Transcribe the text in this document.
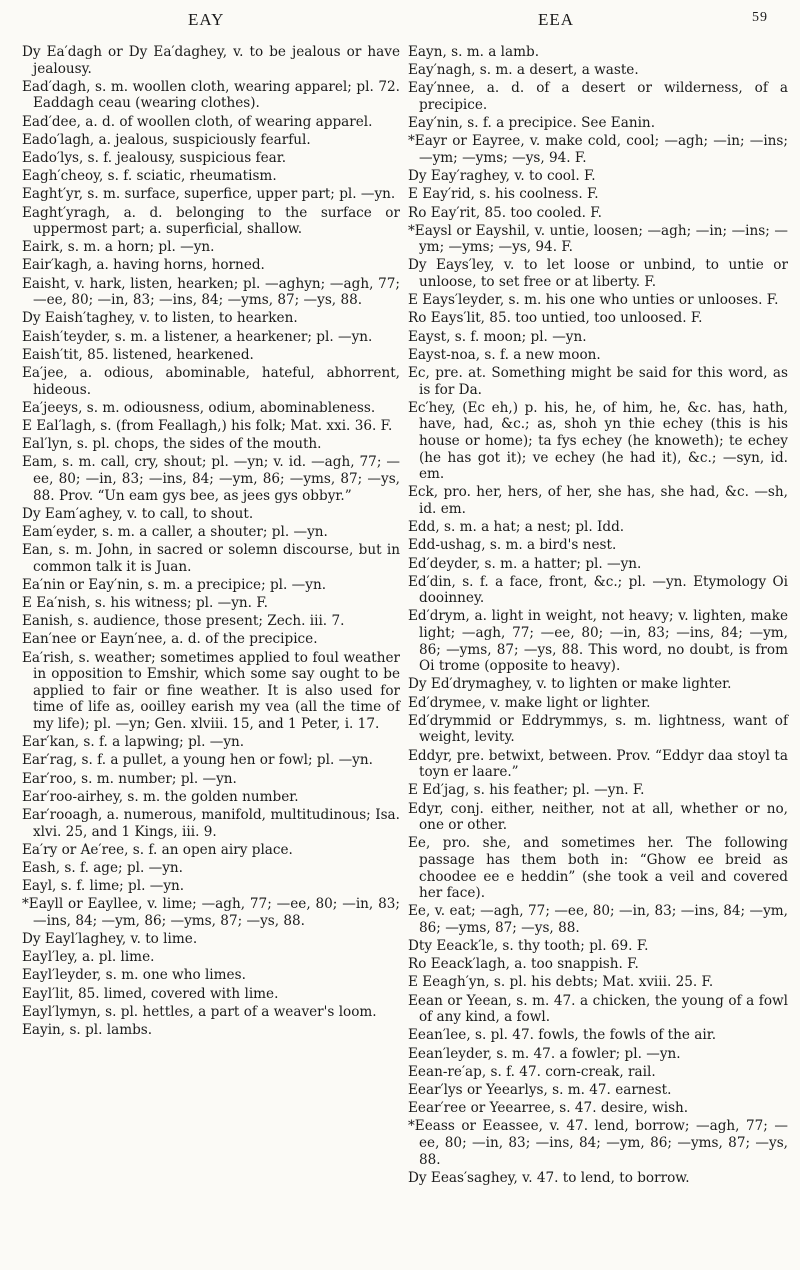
EAY	EEA	59

Dy Ea′dagh or Dy Ea′daghey, v. to be jealous or have jealousy.

Ead′dagh, s. m. woollen cloth, wearing apparel; pl. 72. Eaddagh ceau (wearing clothes).

Ead′dee, a. d. of woollen cloth, of wearing apparel.

Eado′lagh, a. jealous, suspiciously fearful.

Eado′lys, s. f. jealousy, suspicious fear.

Eagh′cheoy, s. f. sciatic, rheumatism.

Eaght′yr, s. m. surface, superfice, upper part; pl. —yn.

Eaght′yragh, a. d. belonging to the surface or uppermost part; a. superficial, shallow.

Eairk, s. m. a horn; pl. —yn.

Eair′kagh, a. having horns, horned.

Eaisht, v. hark, listen, hearken; pl. —aghyn; —agh, 77; —ee, 80; —in, 83; —ins, 84; —yms, 87; —ys, 88.

Dy Eaish′taghey, v. to listen, to hearken.

Eaish′teyder, s. m. a listener, a hearkener; pl. —yn.

Eaish′tit, 85. listened, hearkened.

Ea′jee, a. odious, abominable, hateful, abhorrent, hideous.

Ea′jeeys, s. m. odiousness, odium, abominableness.

E Eal′lagh, s. (from Feallagh,) his folk; Mat. xxi. 36. F.

Eal′lyn, s. pl. chops, the sides of the mouth.

Eam, s. m. call, cry, shout; pl. —yn; v. id. —agh, 77; —ee, 80; —in, 83; —ins, 84; —ym, 86; —yms, 87; —ys, 88. Prov. “Un eam gys bee, as jees gys obbyr.”

Dy Eam′aghey, v. to call, to shout.

Eam′eyder, s. m. a caller, a shouter; pl. —yn.

Ean, s. m. John, in sacred or solemn discourse, but in common talk it is Juan.

Ea′nin or Eay′nin, s. m. a precipice; pl. —yn.

E Ea′nish, s. his witness; pl. —yn. F.

Eanish, s. audience, those present; Zech. iii. 7.

Ean′nee or Eayn′nee, a. d. of the precipice.

Ea′rish, s. weather; sometimes applied to foul weather in opposition to Emshir, which some say ought to be applied to fair or fine weather. It is also used for time of life as, ooilley earish my vea (all the time of my life); pl. —yn; Gen. xlviii. 15, and 1 Peter, i. 17.

Ear′kan, s. f. a lapwing; pl. —yn.

Ear′rag, s. f. a pullet, a young hen or fowl; pl. —yn.

Ear′roo, s. m. number; pl. —yn.

Ear′roo-airhey, s. m. the golden number.

Ear′rooagh, a. numerous, manifold, multitudinous; Isa. xlvi. 25, and 1 Kings, iii. 9.

Ea′ry or Ae′ree, s. f. an open airy place.

Eash, s. f. age; pl. —yn.

Eayl, s. f. lime; pl. —yn.

*Eayll or Eayllee, v. lime; —agh, 77; —ee, 80; —in, 83; —ins, 84; —ym, 86; —yms, 87; —ys, 88.

Dy Eayl′laghey, v. to lime.

Eayl′ley, a. pl. lime.

Eayl′leyder, s. m. one who limes.

Eayl′lit, 85. limed, covered with lime.

Eayl′lymyn, s. pl. hettles, a part of a weaver's loom.

Eayin, s. pl. lambs.

Eayn, s. m. a lamb.

Eay′nagh, s. m. a desert, a waste.

Eay′nnee, a. d. of a desert or wilderness, of a precipice.

Eay′nin, s. f. a precipice. See Eanin.

*Eayr or Eayree, v. make cold, cool; —agh; —in; —ins; —ym; —yms; —ys, 94. F.

Dy Eay′raghey, v. to cool. F.

E Eay′rid, s. his coolness. F.

Ro Eay′rit, 85. too cooled. F.

*Eaysl or Eayshil, v. untie, loosen; —agh; —in; —ins; —ym; —yms; —ys, 94. F.

Dy Eays′ley, v. to let loose or unbind, to untie or unloose, to set free or at liberty. F.

E Eays′leyder, s. m. his one who unties or unlooses. F.

Ro Eays′lit, 85. too untied, too unloosed. F.

Eayst, s. f. moon; pl. —yn.

Eayst-noa, s. f. a new moon.

Ec, pre. at. Something might be said for this word, as is for Da.

Ec′hey, (Ec eh,) p. his, he, of him, he, &c. has, hath, have, had, &c.; as, shoh yn thie echey (this is his house or home); ta fys echey (he knoweth); te echey (he has got it); ve echey (he had it), &c.; —syn, id. em.

Eck, pro. her, hers, of her, she has, she had, &c. —sh, id. em.

Edd, s. m. a hat; a nest; pl. Idd.

Edd-ushag, s. m. a bird's nest.

Ed′deyder, s. m. a hatter; pl. —yn.

Ed′din, s. f. a face, front, &c.; pl. —yn. Etymology Oi dooinney.

Ed′drym, a. light in weight, not heavy; v. lighten, make light; —agh, 77; —ee, 80; —in, 83; —ins, 84; —ym, 86; —yms, 87; —ys, 88. This word, no doubt, is from Oi trome (opposite to heavy).

Dy Ed′drymaghey, v. to lighten or make lighter.

Ed′drymee, v. make light or lighter.

Ed′drymmid or Eddrymmys, s. m. lightness, want of weight, levity.

Eddyr, pre. betwixt, between. Prov. “Eddyr daa stoyl ta toyn er laare.”

E Ed′jag, s. his feather; pl. —yn. F.

Edyr, conj. either, neither, not at all, whether or no, one or other.

Ee, pro. she, and sometimes her. The following passage has them both in: “Ghow ee breid as choodee ee e heddin” (she took a veil and covered her face).

Ee, v. eat; —agh, 77; —ee, 80; —in, 83; —ins, 84; —ym, 86; —yms, 87; —ys, 88.

Dty Eeack′le, s. thy tooth; pl. 69. F.

Ro Eeack′lagh, a. too snappish. F.

E Eeagh′yn, s. pl. his debts; Mat. xviii. 25. F.

Eean or Yeean, s. m. 47. a chicken, the young of a fowl of any kind, a fowl.

Eean′lee, s. pl. 47. fowls, the fowls of the air.

Eean′leyder, s. m. 47. a fowler; pl. —yn.

Eean-re′ap, s. f. 47. corn-creak, rail.

Eear′lys or Yeearlys, s. m. 47. earnest.

Eear′ree or Yeearree, s. 47. desire, wish.

*Eeass or Eeassee, v. 47. lend, borrow; —agh, 77; —ee, 80; —in, 83; —ins, 84; —ym, 86; —yms, 87; —ys, 88.

Dy Eeas′saghey, v. 47. to lend, to borrow.
